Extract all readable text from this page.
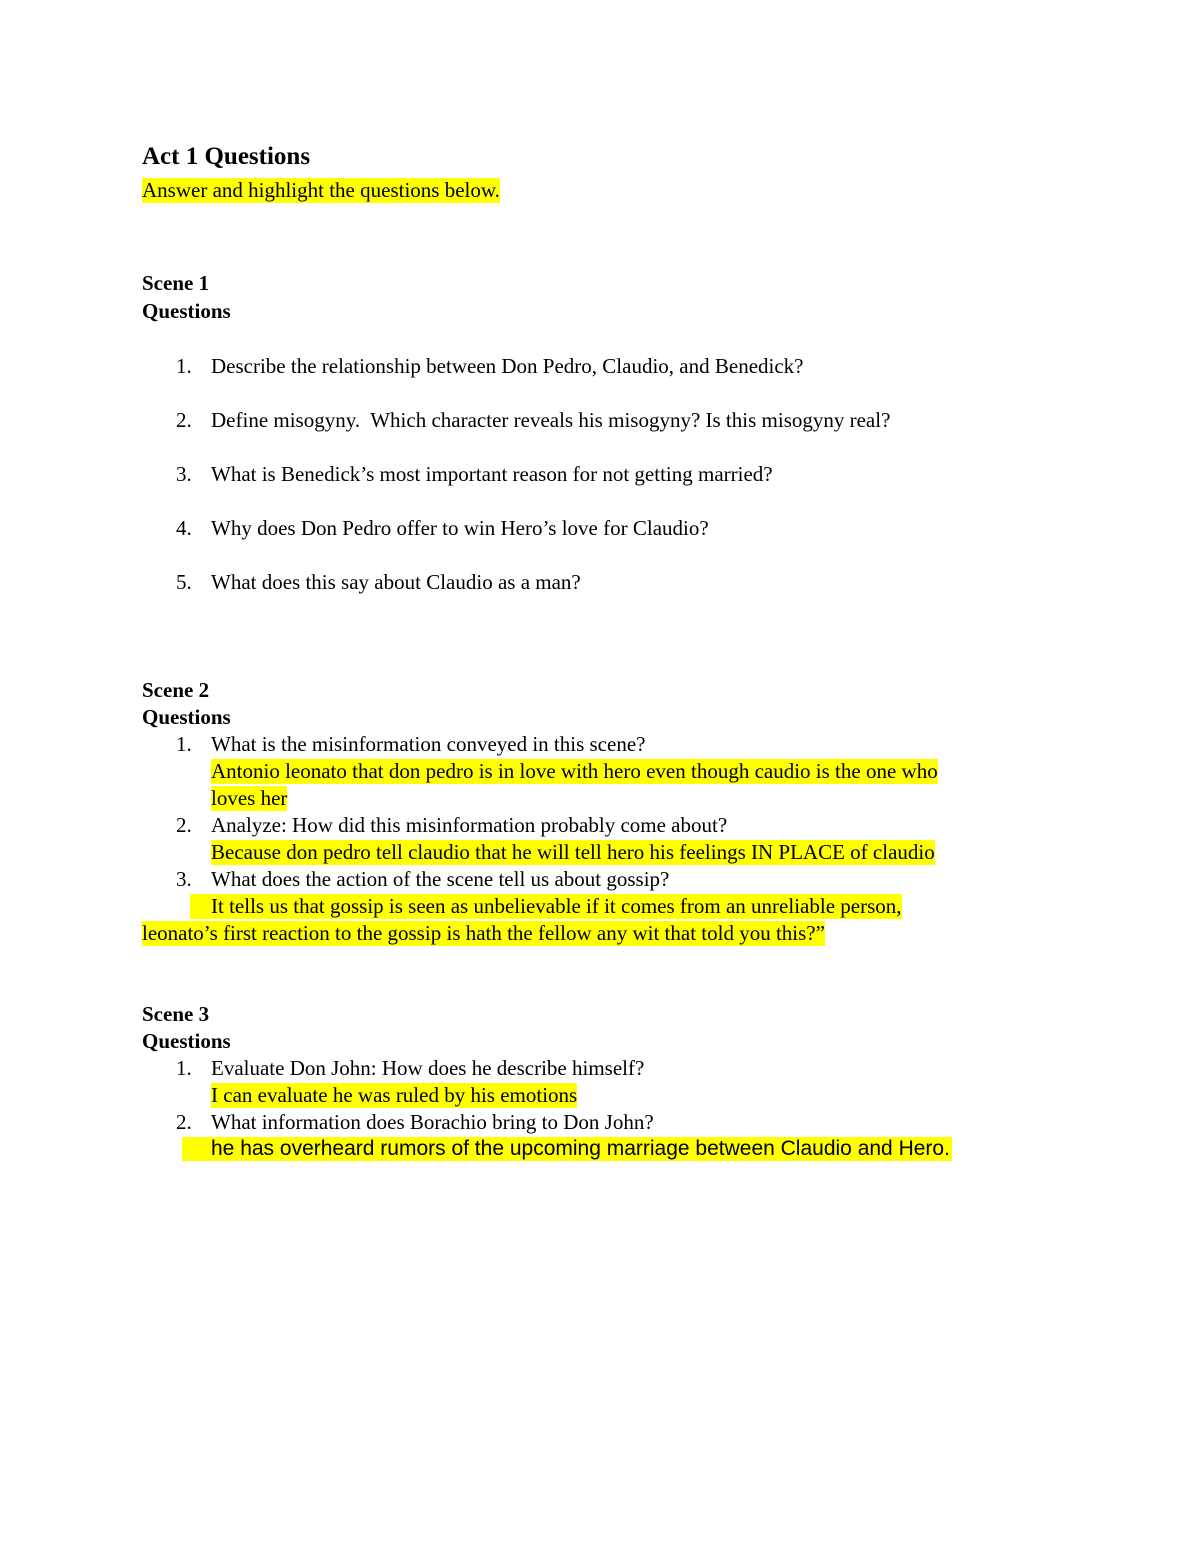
Act 1 Questions
Answer and highlight the questions below.
Scene 1
Questions
1. Describe the relationship between Don Pedro, Claudio, and Benedick?
2. Define misogyny.  Which character reveals his misogyny? Is this misogyny real?
3. What is Benedick’s most important reason for not getting married?
4. Why does Don Pedro offer to win Hero’s love for Claudio?
5. What does this say about Claudio as a man?
Scene 2
Questions
1. What is the misinformation conveyed in this scene?
Antonio leonato that don pedro is in love with hero even though caudio is the one who
loves her
2. Analyze: How did this misinformation probably come about?
Because don pedro tell claudio that he will tell hero his feelings IN PLACE of claudio
3. What does the action of the scene tell us about gossip?
It tells us that gossip is seen as unbelievable if it comes from an unreliable person,
leonato’s first reaction to the gossip is hath the fellow any wit that told you this?”
Scene 3
Questions
1. Evaluate Don John: How does he describe himself?
I can evaluate he was ruled by his emotions
2. What information does Borachio bring to Don John?
he has overheard rumors of the upcoming marriage between Claudio and Hero.
